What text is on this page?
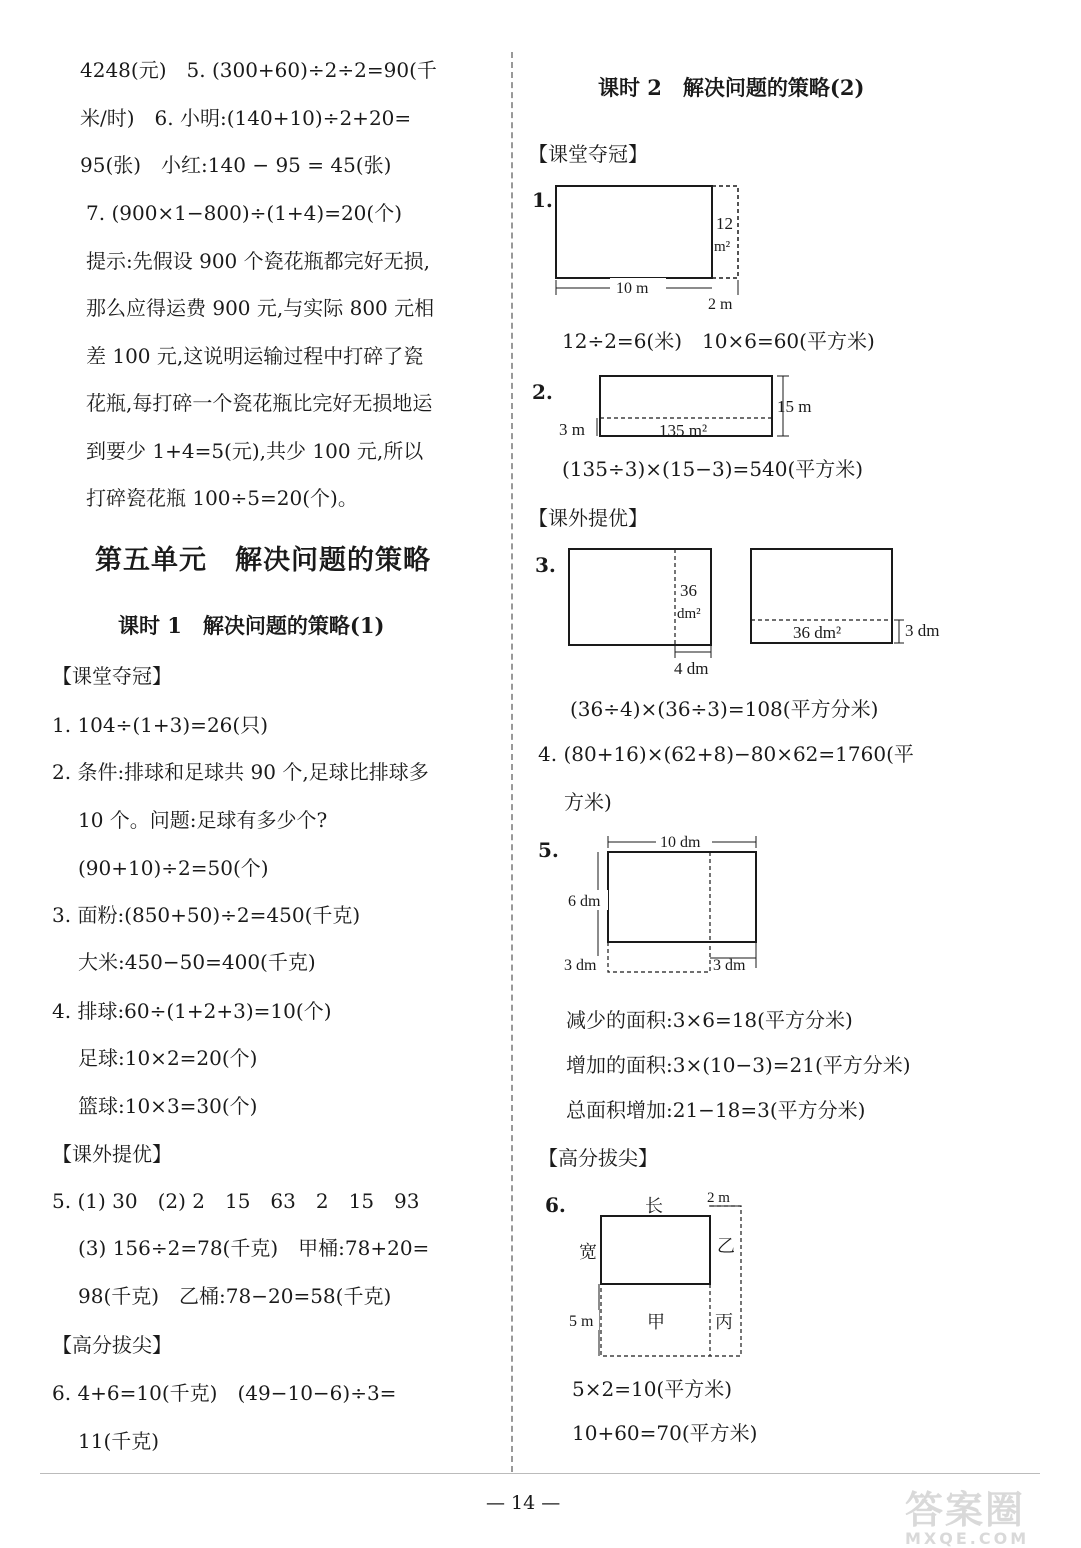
4248(元)　5. (300+60)÷2÷2=90(千
米/时)　6. 小明:(140+10)÷2+20=
95(张)　小红:140 − 95 = 45(张)
7. (900×1−800)÷(1+4)=20(个)
提示:先假设 900 个瓷花瓶都完好无损,
那么应得运费 900 元,与实际 800 元相
差 100 元,这说明运输过程中打碎了瓷
花瓶,每打碎一个瓷花瓶比完好无损地运
到要少 1+4=5(元),共少 100 元,所以
打碎瓷花瓶 100÷5=20(个)。
第五单元　解决问题的策略
课时 1　解决问题的策略(1)
【课堂夺冠】
1. 104÷(1+3)=26(只)
2. 条件:排球和足球共 90 个,足球比排球多
10 个。问题:足球有多少个?
(90+10)÷2=50(个)
3. 面粉:(850+50)÷2=450(千克)
大米:450−50=400(千克)
4. 排球:60÷(1+2+3)=10(个)
足球:10×2=20(个)
篮球:10×3=30(个)
【课外提优】
5. (1) 30　(2) 2　15　63　2　15　93
(3) 156÷2=78(千克)　甲桶:78+20=
98(千克)　乙桶:78−20=58(千克)
【高分拔尖】
6. 4+6=10(千克)　(49−10−6)÷3=
11(千克)
课时 2　解决问题的策略(2)
【课堂夺冠】
1.
12
m²
10 m
2 m
12÷2=6(米)　10×6=60(平方米)
2.
15 m
3 m	135 m²
(135÷3)×(15−3)=540(平方米)
【课外提优】
3.
36
dm²
4 dm
36 dm²	3 dm
(36÷4)×(36÷3)=108(平方分米)
4. (80+16)×(62+8)−80×62=1760(平
方米)
5.	10 dm
6 dm
3 dm	3 dm
减少的面积:3×6=18(平方分米)
增加的面积:3×(10−3)=21(平方分米)
总面积增加:21−18=3(平方分米)
【高分拔尖】
6.	长	2 m
宽	乙
5 m	甲	丙
5×2=10(平方米)
10+60=70(平方米)
— 14 —	答案圈
MXQE.COM
